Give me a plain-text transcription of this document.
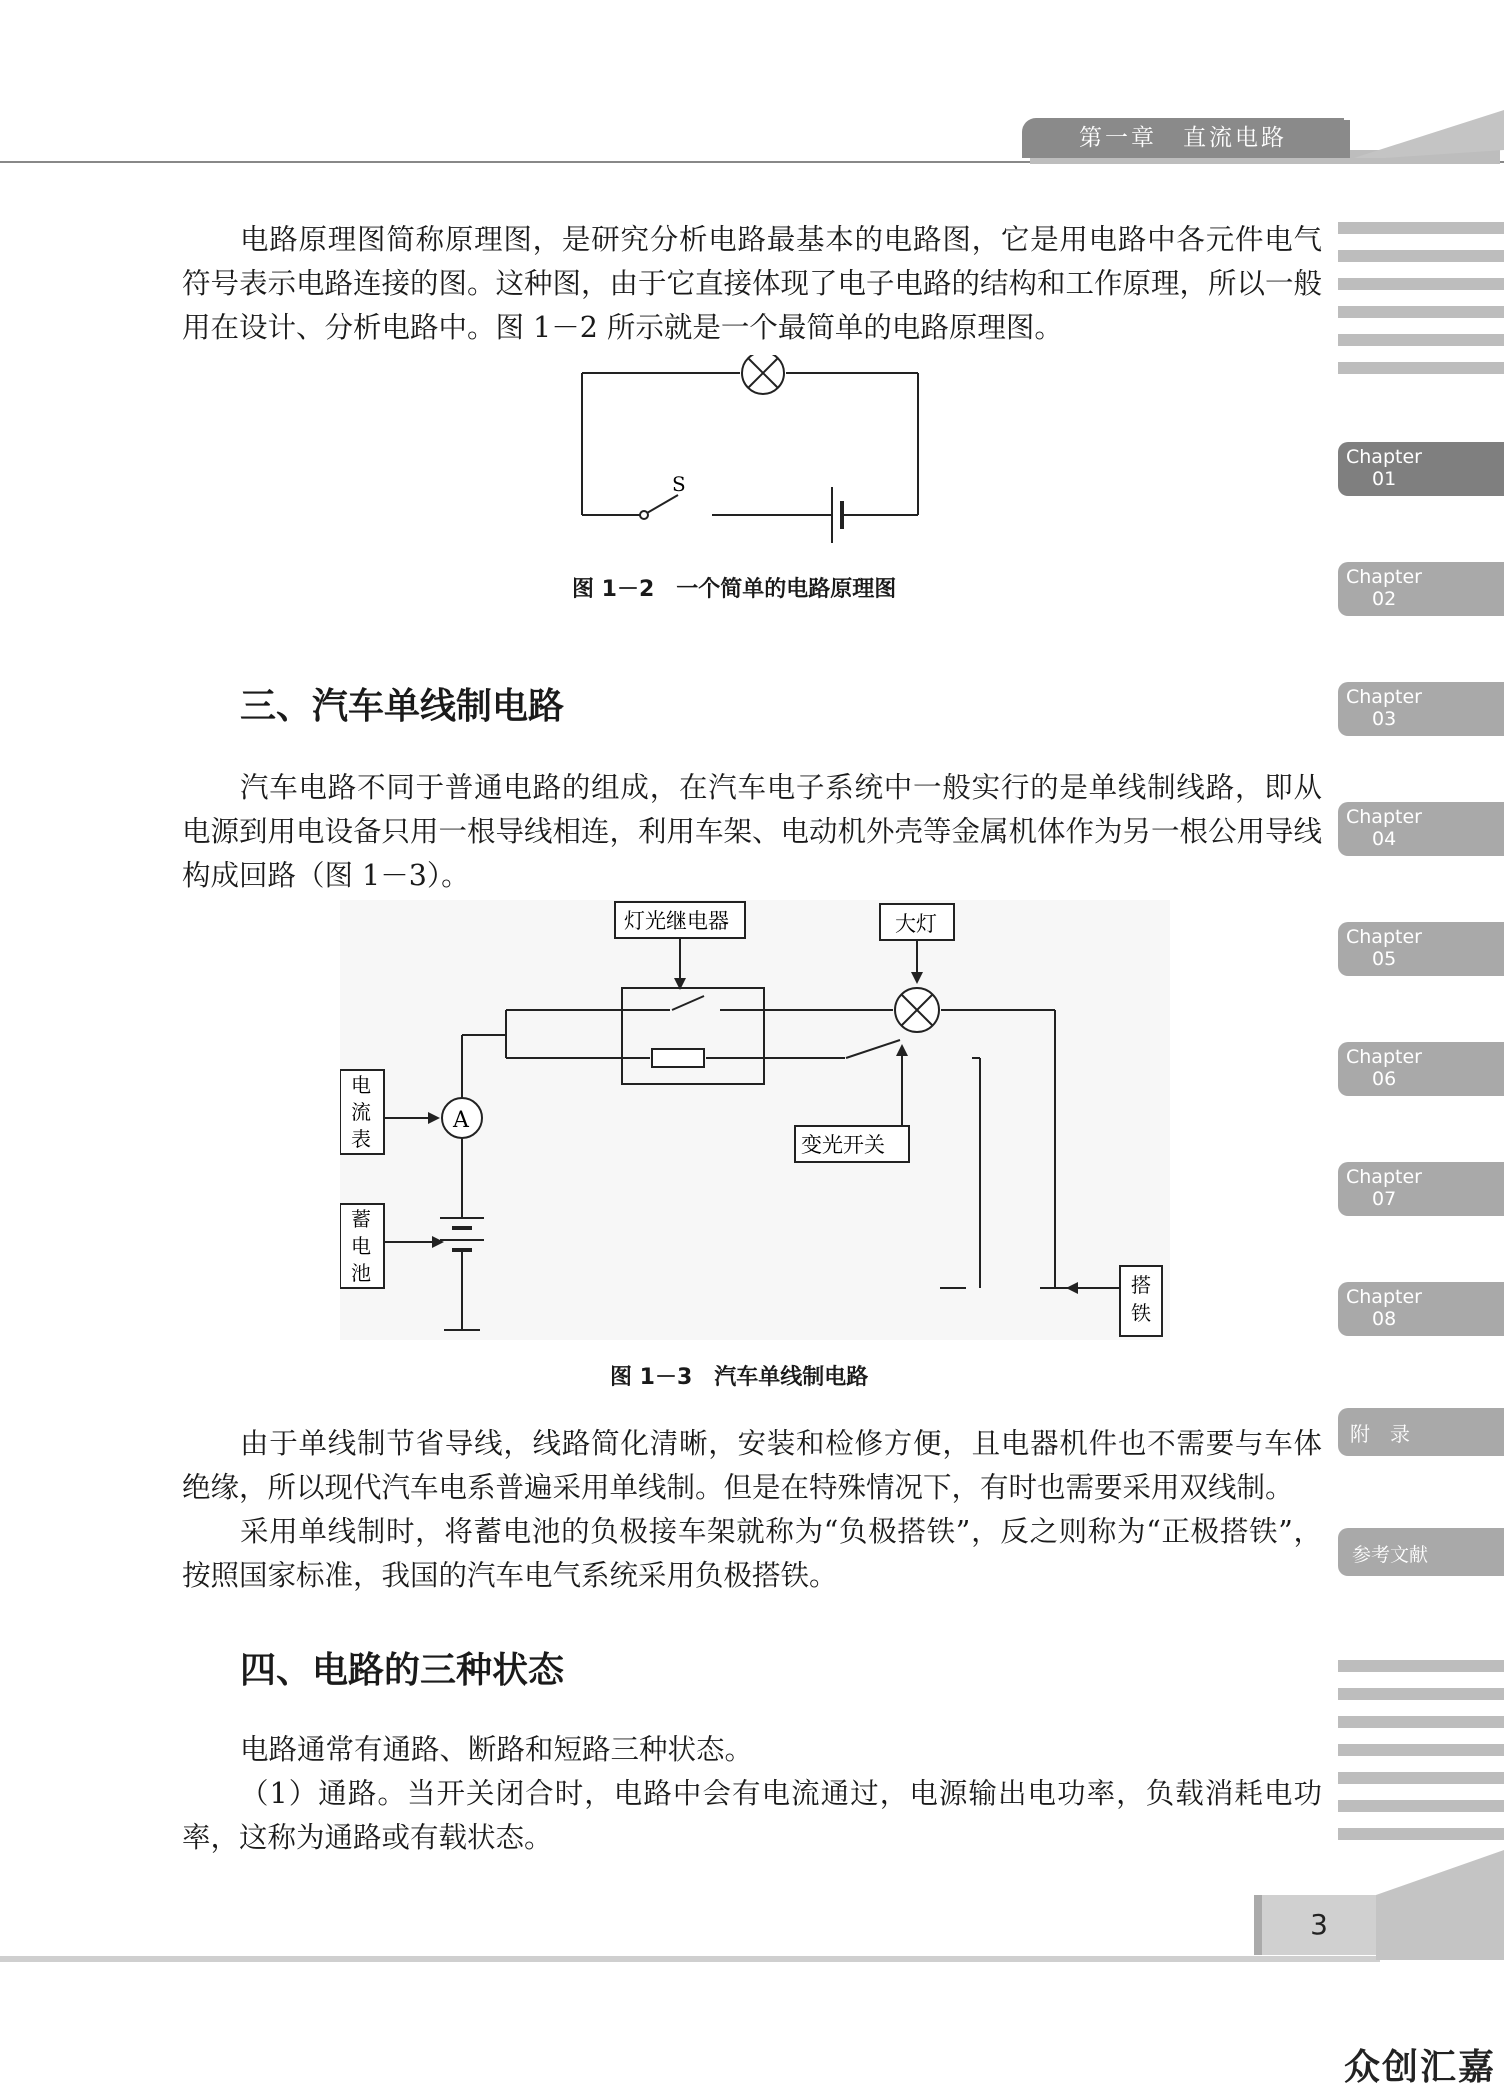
第一章　直流电路

电路原理图简称原理图，是研究分析电路最基本的电路图，它是用电路中各元件电气符号表示电路连接的图。这种图，由于它直接体现了电子电路的结构和工作原理，所以一般用在设计、分析电路中。图 1－2 所示就是一个最简单的电路原理图。

S

图 1－2　一个简单的电路原理图

三、汽车单线制电路

汽车电路不同于普通电路的组成，在汽车电子系统中一般实行的是单线制线路，即从电源到用电设备只用一根导线相连，利用车架、电动机外壳等金属机体作为另一根公用导线构成回路（图 1－3）。

A
灯光继电器	大灯
变光开关
电
流
表
蓄
电
池	搭
铁

图 1－3　汽车单线制电路

由于单线制节省导线，线路简化清晰，安装和检修方便，且电器机件也不需要与车体绝缘，所以现代汽车电系普遍采用单线制。但是在特殊情况下，有时也需要采用双线制。

采用单线制时，将蓄电池的负极接车架就称为“负极搭铁”，反之则称为“正极搭铁”，按照国家标准，我国的汽车电气系统采用负极搭铁。

四、电路的三种状态

电路通常有通路、断路和短路三种状态。

（1）通路。当开关闭合时，电路中会有电流通过，电源输出电功率，负载消耗电功率，这称为通路或有载状态。

Chapter
01
Chapter
02
Chapter
03
Chapter
04
Chapter
05
Chapter
06
Chapter
07
Chapter
08
附　录
参考文献
3
众创汇嘉
